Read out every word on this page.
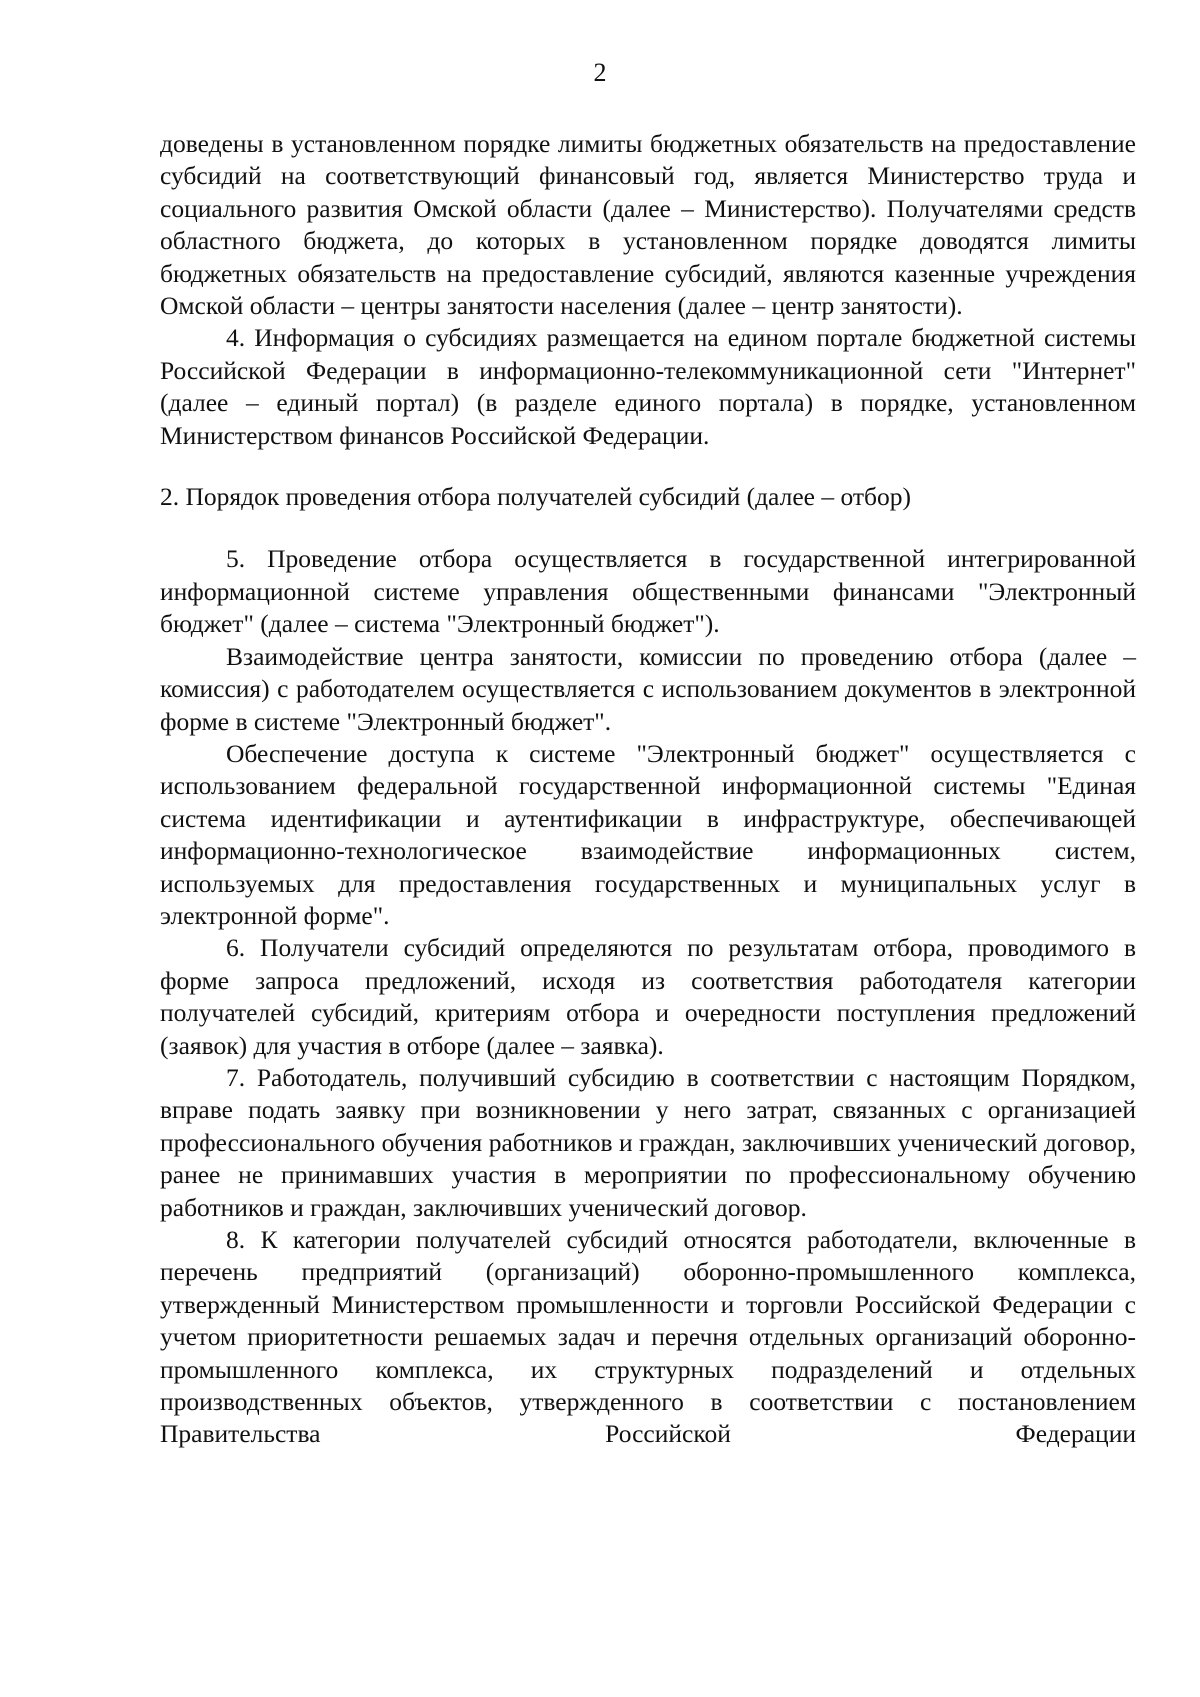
2

доведены в установленном порядке лимиты бюджетных обязательств на предоставление субсидий на соответствующий финансовый год, является Министерство труда и социального развития Омской области (далее – Министерство). Получателями средств областного бюджета, до которых в установленном порядке доводятся лимиты бюджетных обязательств на предоставление субсидий, являются казенные учреждения Омской области – центры занятости населения (далее – центр занятости).

4. Информация о субсидиях размещается на едином портале бюджетной системы Российской Федерации в информационно-телекоммуникационной сети "Интернет" (далее – единый портал) (в разделе единого портала) в порядке, установленном Министерством финансов Российской Федерации.

2. Порядок проведения отбора получателей субсидий (далее – отбор)

5. Проведение отбора осуществляется в государственной интегрированной информационной системе управления общественными финансами "Электронный бюджет" (далее – система "Электронный бюджет").

Взаимодействие центра занятости, комиссии по проведению отбора (далее – комиссия) с работодателем осуществляется с использованием документов в электронной форме в системе "Электронный бюджет".

Обеспечение доступа к системе "Электронный бюджет" осуществляется с использованием федеральной государственной информационной системы "Единая система идентификации и аутентификации в инфраструктуре, обеспечивающей информационно-технологическое взаимодействие информационных систем, используемых для предоставления государственных и муниципальных услуг в электронной форме".

6. Получатели субсидий определяются по результатам отбора, проводимого в форме запроса предложений, исходя из соответствия работодателя категории получателей субсидий, критериям отбора и очередности поступления предложений (заявок) для участия в отборе (далее – заявка).

7. Работодатель, получивший субсидию в соответствии с настоящим Порядком, вправе подать заявку при возникновении у него затрат, связанных с организацией профессионального обучения работников и граждан, заключивших ученический договор, ранее не принимавших участия в мероприятии по профессиональному обучению работников и граждан, заключивших ученический договор.

8. К категории получателей субсидий относятся работодатели, включенные в перечень предприятий (организаций) оборонно-промышленного комплекса, утвержденный Министерством промышленности и торговли Российской Федерации с учетом приоритетности решаемых задач и перечня отдельных организаций оборонно-промышленного комплекса, их структурных подразделений и отдельных производственных объектов, утвержденного в соответствии с постановлением Правительства Российской Федерации
